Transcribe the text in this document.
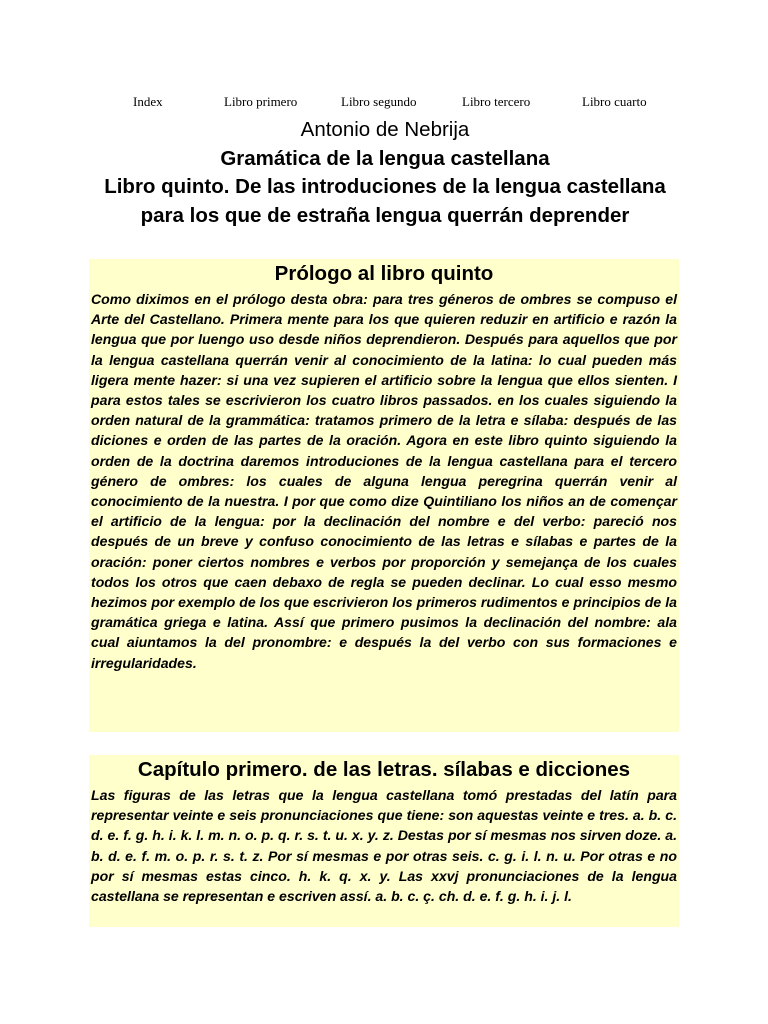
Index	Libro primero	Libro segundo	Libro tercero	Libro cuarto
Antonio de Nebrija
Gramática de la lengua castellana
Libro quinto. De las introduciones de la lengua castellana
para los que de estraña lengua querrán deprender
Prólogo al libro quinto

Como diximos en el prólogo desta obra: para tres géneros de ombres se compuso el Arte del Castellano. Primera mente para los que quieren reduzir en artificio e razón la lengua que por luengo uso desde niños deprendieron. Después para aquellos que por la lengua castellana querrán venir al conocimiento de la latina: lo cual pueden más ligera mente hazer: si una vez supieren el artificio sobre la lengua que ellos sienten. I para estos tales se escrivieron los cuatro libros passados. en los cuales siguiendo la orden natural de la grammática: tratamos primero de la letra e sílaba: después de las diciones e orden de las partes de la oración. Agora en este libro quinto siguiendo la orden de la doctrina daremos introduciones de la lengua castellana para el tercero género de ombres: los cuales de alguna lengua peregrina querrán venir al conocimiento de la nuestra. I por que como dize Quintiliano los niños an de començar el artificio de la lengua: por la declinación del nombre e del verbo: pareció nos después de un breve y confuso conocimiento de las letras e sílabas e partes de la oración: poner ciertos nombres e verbos por proporción y semejança de los cuales todos los otros que caen debaxo de regla se pueden declinar. Lo cual esso mesmo hezimos por exemplo de los que escrivieron los primeros rudimentos e principios de la gramática griega e latina. Assí que primero pusimos la declinación del nombre: ala cual aiuntamos la del pronombre: e después la del verbo con sus formaciones e irregularidades.

Capítulo primero. de las letras. sílabas e dicciones

Las figuras de las letras que la lengua castellana tomó prestadas del latín para representar veinte e seis pronunciaciones que tiene: son aquestas veinte e tres. a. b. c. d. e. f. g. h. i. k. l. m. n. o. p. q. r. s. t. u. x. y. z. Destas por sí mesmas nos sirven doze. a. b. d. e. f. m. o. p. r. s. t. z. Por sí mesmas e por otras seis. c. g. i. l. n. u. Por otras e no por sí mesmas estas cinco. h. k. q. x. y. Las xxvj pronunciaciones de la lengua castellana se representan e escriven assí. a. b. c. ç. ch. d. e. f. g. h. i. j. l.
